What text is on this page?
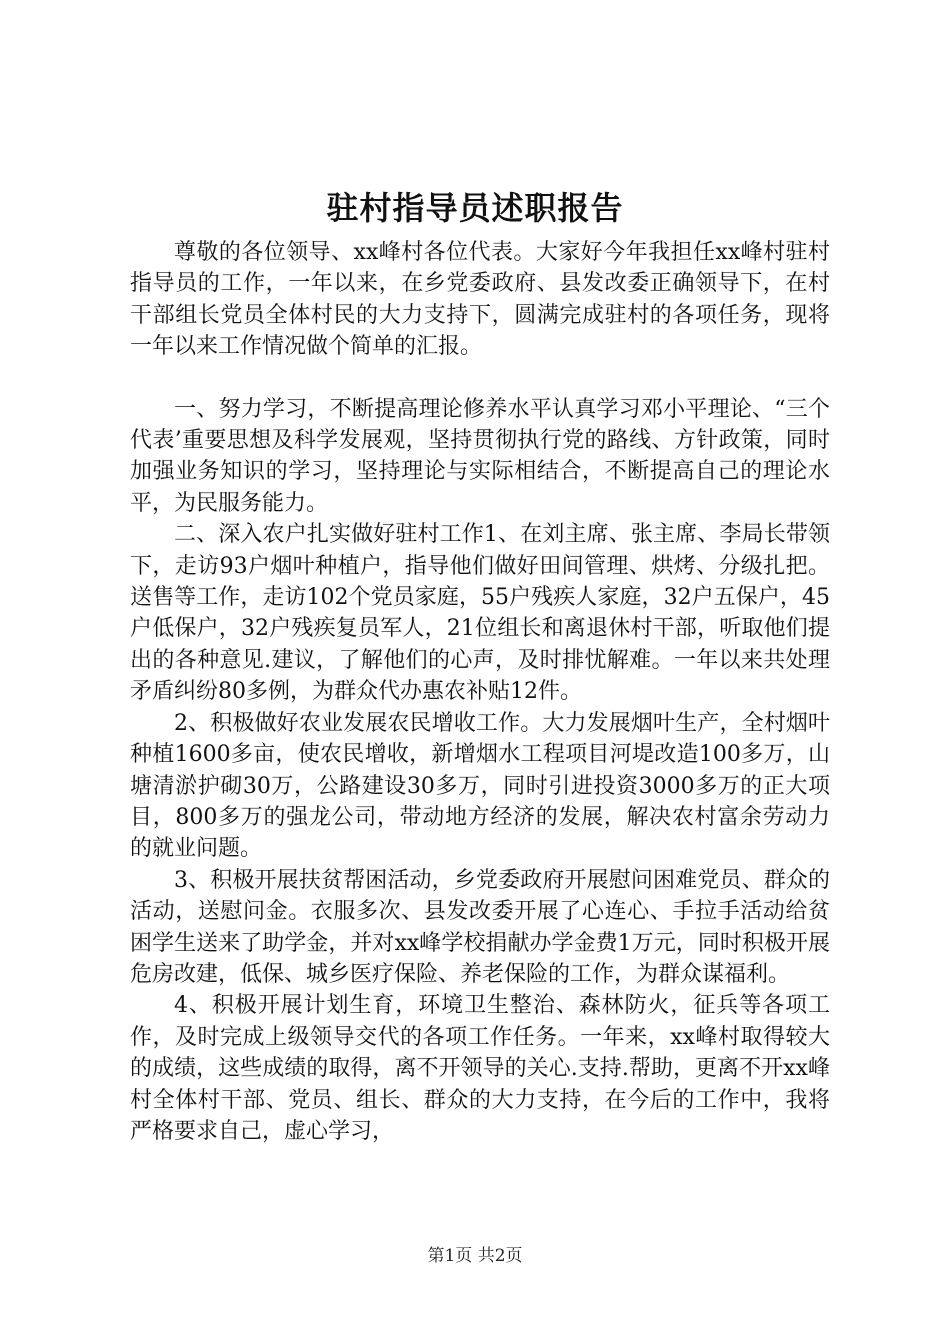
驻村指导员述职报告

尊敬的各位领导、xx峰村各位代表。大家好今年我担任xx峰村驻村指导员的工作，一年以来，在乡党委政府、县发改委正确领导下，在村干部组长党员全体村民的大力支持下，圆满完成驻村的各项任务，现将一年以来工作情况做个简单的汇报。

一、努力学习，不断提高理论修养水平认真学习邓小平理论、“三个代表’重要思想及科学发展观，坚持贯彻执行党的路线、方针政策，同时加强业务知识的学习，坚持理论与实际相结合，不断提高自己的理论水平，为民服务能力。

二、深入农户扎实做好驻村工作1、在刘主席、张主席、李局长带领下，走访93户烟叶种植户，指导他们做好田间管理、烘烤、分级扎把。送售等工作，走访102个党员家庭，55户残疾人家庭，32户五保户，45户低保户，32户残疾复员军人，21位组长和离退休村干部，听取他们提出的各种意见.建议，了解他们的心声，及时排忧解难。一年以来共处理矛盾纠纷80多例，为群众代办惠农补贴12件。

2、积极做好农业发展农民增收工作。大力发展烟叶生产，全村烟叶种植1600多亩，使农民增收，新增烟水工程项目河堤改造100多万，山塘清淤护砌30万，公路建设30多万，同时引进投资3000多万的正大项目，800多万的强龙公司，带动地方经济的发展，解决农村富余劳动力的就业问题。

3、积极开展扶贫帮困活动，乡党委政府开展慰问困难党员、群众的活动，送慰问金。衣服多次、县发改委开展了心连心、手拉手活动给贫困学生送来了助学金，并对xx峰学校捐献办学金费1万元，同时积极开展危房改建，低保、城乡医疗保险、养老保险的工作，为群众谋福利。

4、积极开展计划生育，环境卫生整治、森林防火，征兵等各项工作，及时完成上级领导交代的各项工作任务。一年来，xx峰村取得较大的成绩，这些成绩的取得，离不开领导的关心.支持.帮助，更离不开xx峰村全体村干部、党员、组长、群众的大力支持，在今后的工作中，我将严格要求自己，虚心学习，

第1页 共2页
